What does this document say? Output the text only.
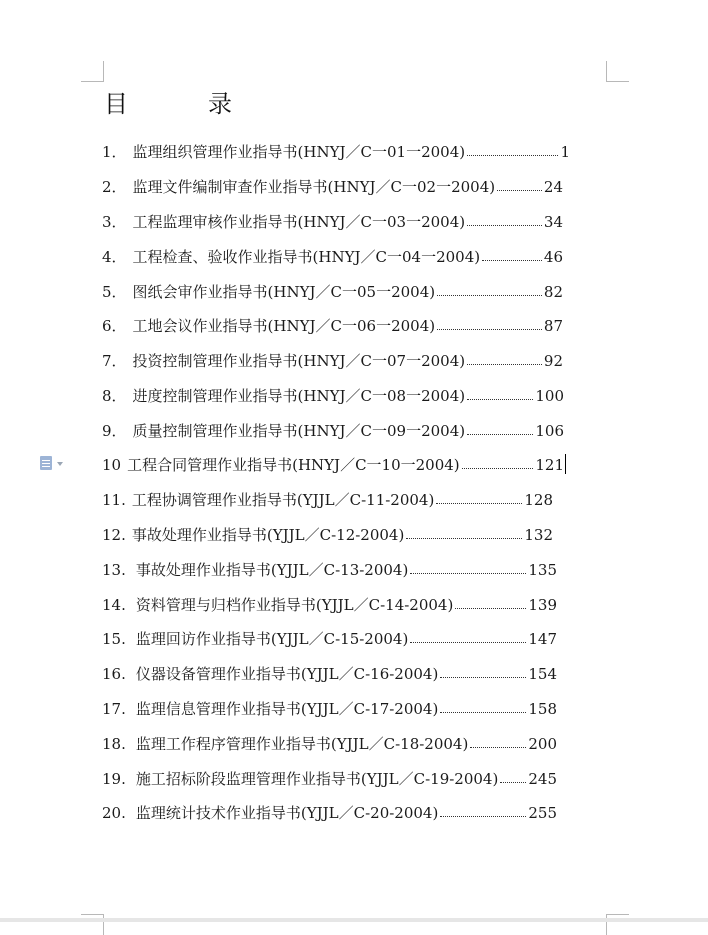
目　录
1． 监理组织管理作业指导书(HNYJ／C一01一2004)	1
2． 监理文件编制审查作业指导书(HNYJ／C一02一2004)	24
3． 工程监理审核作业指导书(HNYJ／C一03一2004)	34
4． 工程检查、验收作业指导书(HNYJ／C一04一2004)	46
5． 图纸会审作业指导书(HNYJ／C一05一2004)	82
6． 工地会议作业指导书(HNYJ／C一06一2004)	87
7． 投资控制管理作业指导书(HNYJ／C一07一2004)	92
8． 进度控制管理作业指导书(HNYJ／C一08一2004)	100
9． 质量控制管理作业指导书(HNYJ／C一09一2004)	106
10 工程合同管理作业指导书(HNYJ／C一10一2004)	121
11. 工程协调管理作业指导书(YJJL／C-11-2004)	128
12. 事故处理作业指导书(YJJL／C-12-2004)	132
13. 事故处理作业指导书(YJJL／C-13-2004)	135
14. 资料管理与归档作业指导书(YJJL／C-14-2004)	139
15. 监理回访作业指导书(YJJL／C-15-2004)	147
16. 仪器设备管理作业指导书(YJJL／C-16-2004)	154
17. 监理信息管理作业指导书(YJJL／C-17-2004)	158
18. 监理工作程序管理作业指导书(YJJL／C-18-2004)	200
19. 施工招标阶段监理管理作业指导书(YJJL／C-19-2004) 245
20. 监理统计技术作业指导书(YJJL／C-20-2004)	255
